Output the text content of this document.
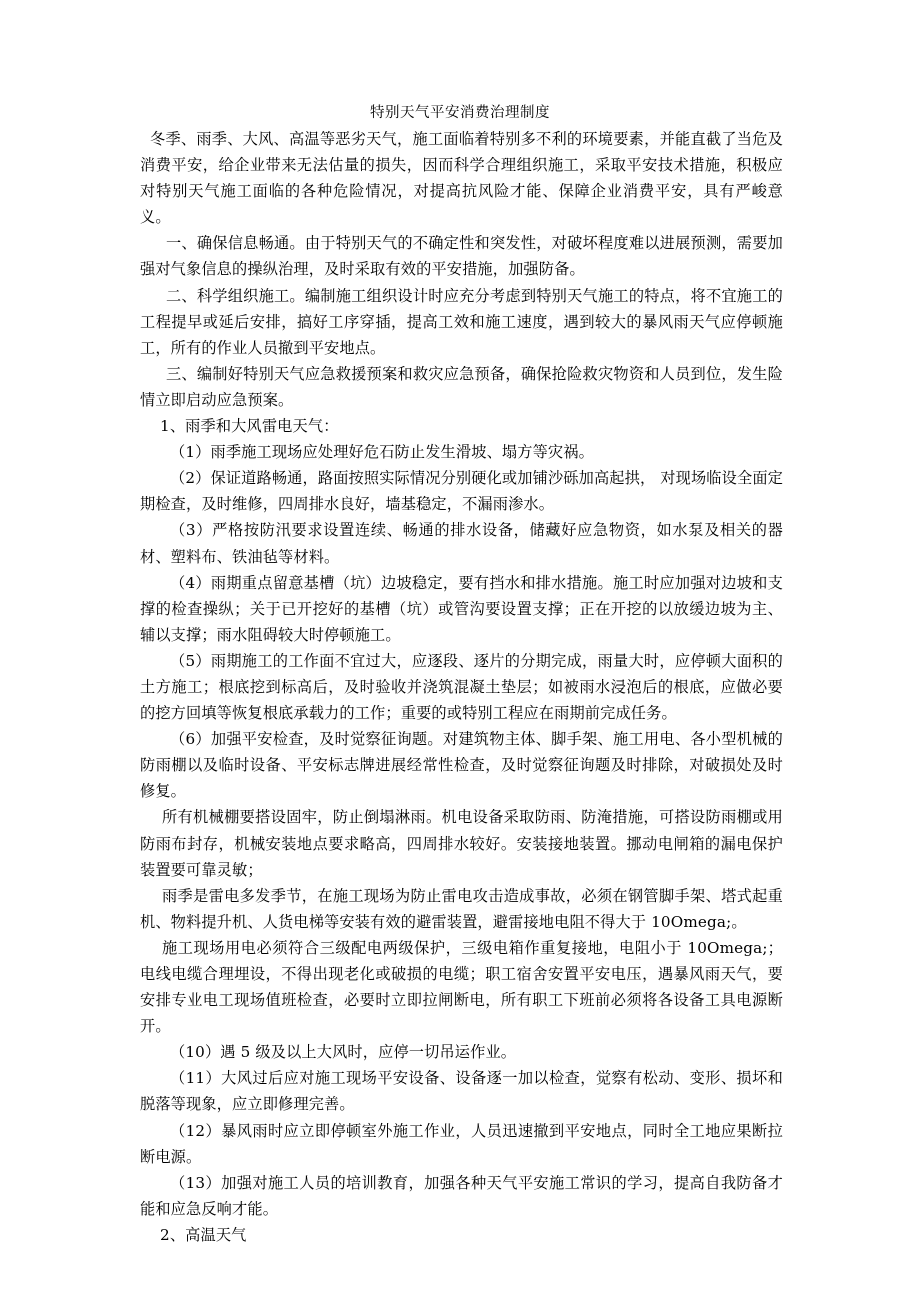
特别天气平安消费治理制度

冬季、雨季、大风、高温等恶劣天气，施工面临着特别多不利的环境要素，并能直截了当危及消费平安，给企业带来无法估量的损失，因而科学合理组织施工，采取平安技术措施，积极应对特别天气施工面临的各种危险情况，对提高抗风险才能、保障企业消费平安，具有严峻意义。

一、确保信息畅通。由于特别天气的不确定性和突发性，对破坏程度难以进展预测，需要加强对气象信息的操纵治理，及时采取有效的平安措施，加强防备。

二、科学组织施工。编制施工组织设计时应充分考虑到特别天气施工的特点，将不宜施工的工程提早或延后安排，搞好工序穿插，提高工效和施工速度，遇到较大的暴风雨天气应停顿施工，所有的作业人员撤到平安地点。

三、编制好特别天气应急救援预案和救灾应急预备，确保抢险救灾物资和人员到位，发生险情立即启动应急预案。

1、雨季和大风雷电天气：

（1）雨季施工现场应处理好危石防止发生滑坡、塌方等灾祸。

（2）保证道路畅通，路面按照实际情况分别硬化或加铺沙砾加高起拱， 对现场临设全面定期检查，及时维修，四周排水良好，墙基稳定，不漏雨渗水。

（3）严格按防汛要求设置连续、畅通的排水设备，储藏好应急物资，如水泵及相关的器材、塑料布、铁油毡等材料。

（4）雨期重点留意基槽（坑）边坡稳定，要有挡水和排水措施。施工时应加强对边坡和支撑的检查操纵；关于已开挖好的基槽（坑）或管沟要设置支撑；正在开挖的以放缓边坡为主、辅以支撑；雨水阻碍较大时停顿施工。

（5）雨期施工的工作面不宜过大，应逐段、逐片的分期完成，雨量大时，应停顿大面积的土方施工；根底挖到标高后，及时验收并浇筑混凝土垫层；如被雨水浸泡后的根底，应做必要的挖方回填等恢复根底承载力的工作；重要的或特别工程应在雨期前完成任务。

（6）加强平安检查，及时觉察征询题。对建筑物主体、脚手架、施工用电、各小型机械的防雨棚以及临时设备、平安标志牌进展经常性检查，及时觉察征询题及时排除，对破损处及时修复。

所有机械棚要搭设固牢，防止倒塌淋雨。机电设备采取防雨、防淹措施，可搭设防雨棚或用防雨布封存，机械安装地点要求略高，四周排水较好。安装接地装置。挪动电闸箱的漏电保护装置要可靠灵敏；

雨季是雷电多发季节，在施工现场为防止雷电攻击造成事故，必须在钢管脚手架、塔式起重机、物料提升机、人货电梯等安装有效的避雷装置，避雷接地电阻不得大于 10Omega;。

施工现场用电必须符合三级配电两级保护，三级电箱作重复接地，电阻小于 10Omega;；电线电缆合理埋设，不得出现老化或破损的电缆；职工宿舍安置平安电压，遇暴风雨天气，要安排专业电工现场值班检查，必要时立即拉闸断电，所有职工下班前必须将各设备工具电源断开。

（10）遇 5 级及以上大风时，应停一切吊运作业。

（11）大风过后应对施工现场平安设备、设备逐一加以检查，觉察有松动、变形、损坏和脱落等现象，应立即修理完善。

（12）暴风雨时应立即停顿室外施工作业，人员迅速撤到平安地点，同时全工地应果断拉断电源。

（13）加强对施工人员的培训教育，加强各种天气平安施工常识的学习，提高自我防备才能和应急反响才能。

2、高温天气
